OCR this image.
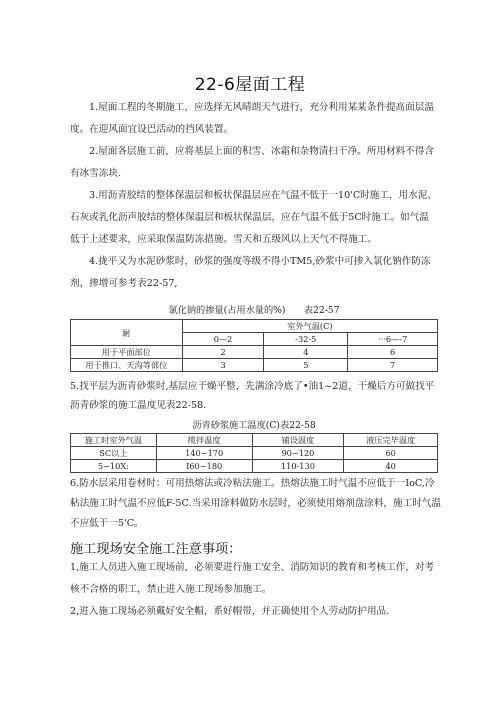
22-6屋面工程

1.屋面工程的冬期施工，应选择无风晴朗天气进行，充分利用某某条件提高面层温度。在迎风面宜设巴活动的挡风装置。

2.屋面各层施工前，应将基层上面的积雪、冰霜和杂物清扫干净。所用材料不得含有冰雪冻块.

3.用沥青胶结的整体保温层和板状保温层应在气温不低于一10'C时施工，用水泥、石灰或乳化沥声胶结的整体保温层和板状保温层，应在气温不低于5C时施工。如气温低于上述要求，应采取保温防冻措施。雪天和五级风以上天气不得施工。

4.拢平又为水泥砂浆时，砂浆的强度等级不得小TM5,砂浆中可掺入氯化钠作防冻剂，掺增可参考表22-57,

氯化钠的掺量(占用水量的%)　　表22-57
耐	室外气温(C)		
	0—2	-32-5	···6—-7
用于平面部位	2	4	6
用于推口、天沟等部位	3	5	7

5.找平层为沥青砂浆时,基层应干燥平整，先满涂冷底了•油1~2道，干燥后方可做找平沥青砂浆的施工温度见表22-58.

沥青砂浆施工温度(C)表22-58
施工时室外气温	缆拌温度	铺设温度	液压完毕温度
SC以上	140~170	90~120	60
5~10X:	I60~180	110-130	40

6.防水层采用卷材时：可用热熔法或冷粘法施工。热熔法施工时气温不应低于一IoC,冷粘法施工时气温不应低F-5C.当采用涂料做防水层时，必须使用熔剂盘涂料，施工时气温不应低于一5'C。

施工现场安全施工注意事项：

1,施工人员进入施工现场前，必须要进行施工安全、消防知识的教育和考核工作，对考核不合格的职工，禁止进入施工现场参加施工。

2,进入施工现场必须戴好安全帽，系好帽带，并正确使用个人劳动防护用品.
